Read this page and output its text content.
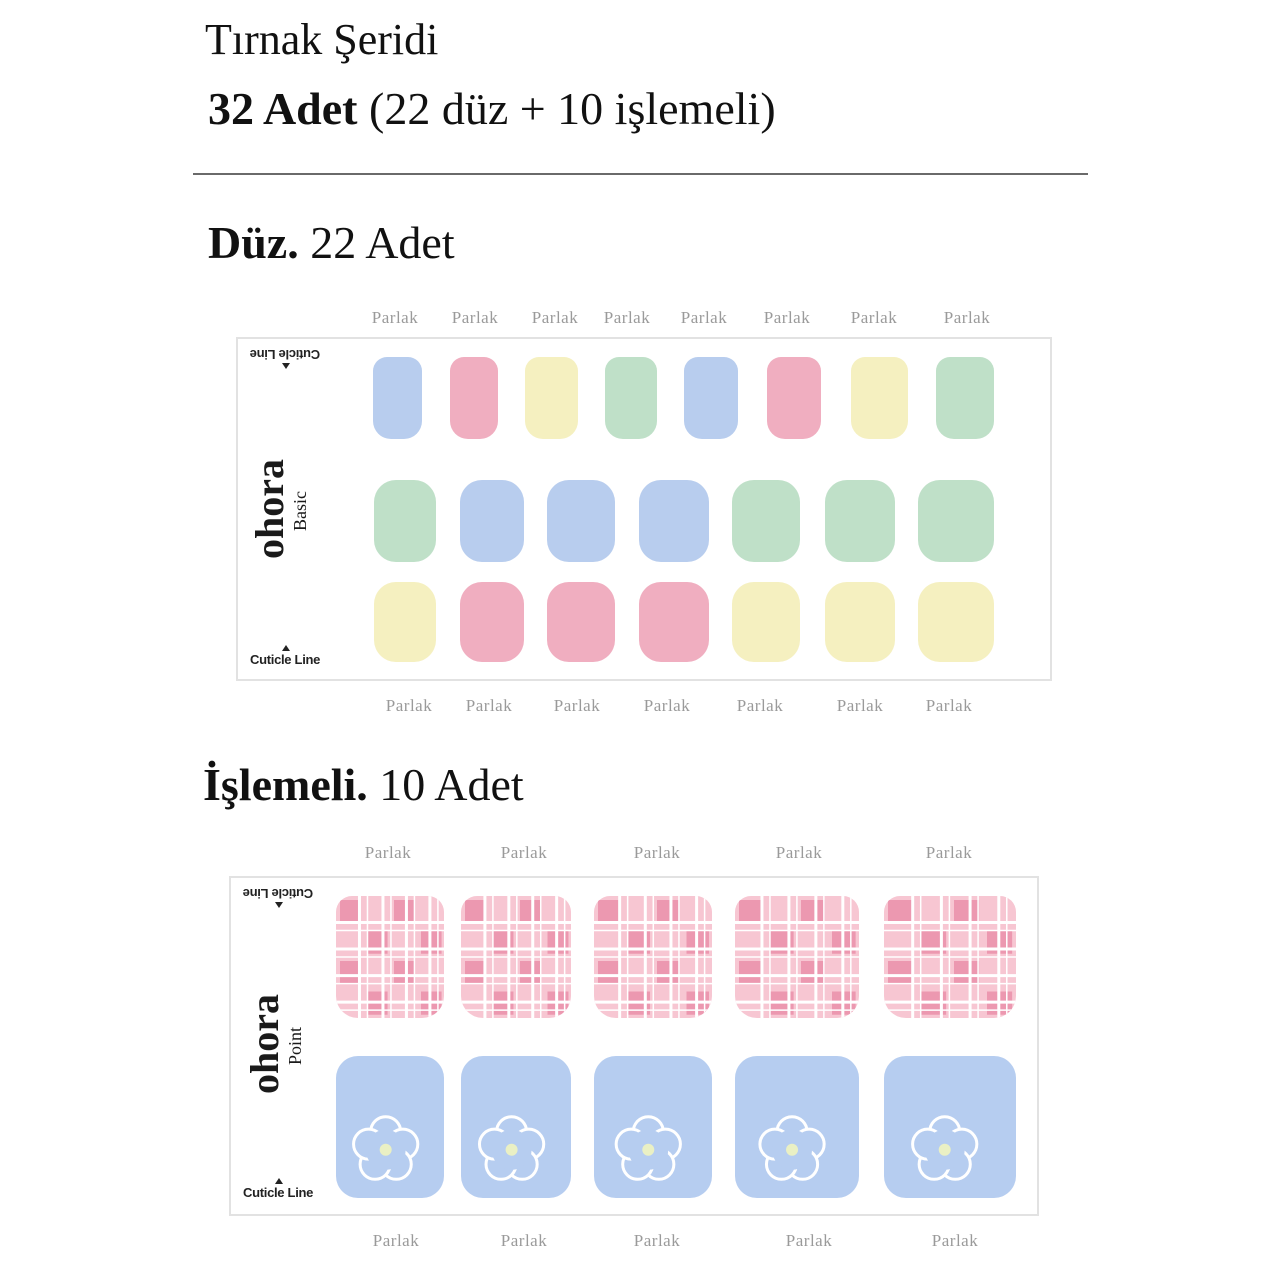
Tırnak Şeridi
32 Adet (22 düz + 10 işlemeli)
Düz. 22 Adet
İşlemeli. 10 Adet
Parlak Parlak Parlak Parlak Parlak Parlak Parlak	Parlak
Parlak Parlak Parlak	Parlak	Parlak	Parlak	Parlak
Cuticle Line
Cuticle Line
ohora
Basic
Parlak	Parlak	Parlak	Parlak	Parlak
Parlak	Parlak	Parlak	Parlak	Parlak
Cuticle Line
Cuticle Line
ohora
Point
